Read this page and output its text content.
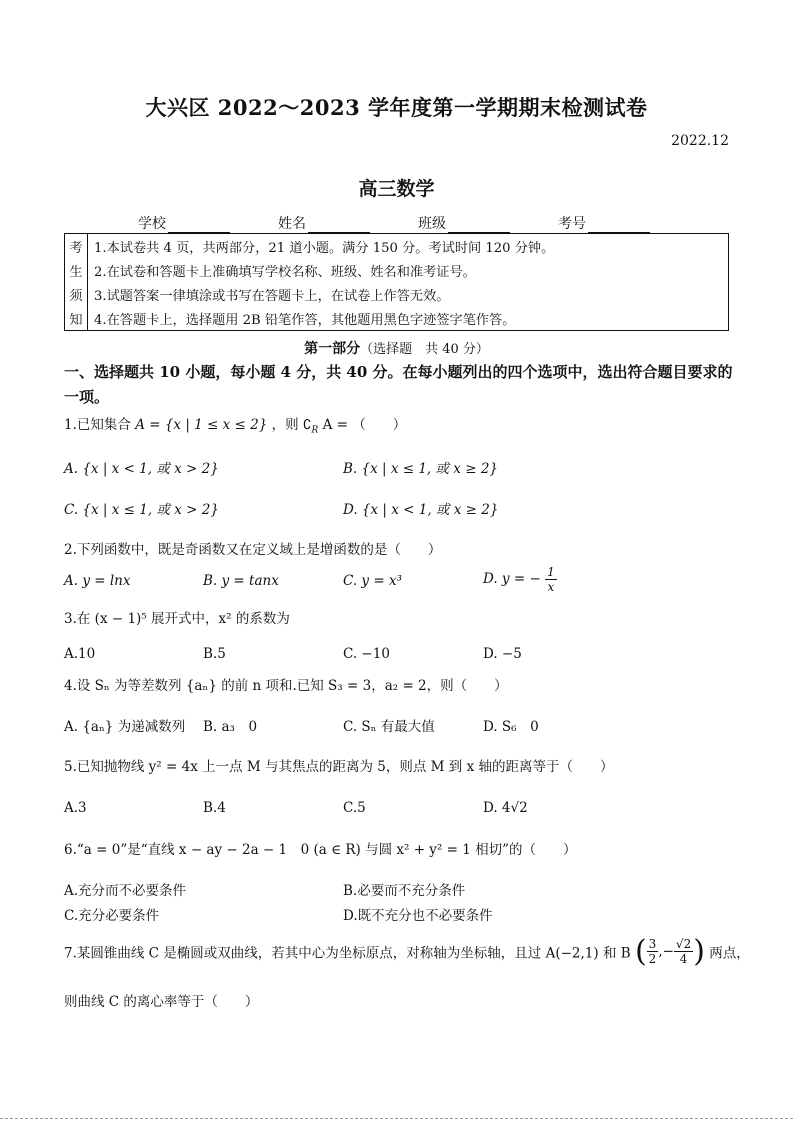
大兴区 2022～2023 学年度第一学期期末检测试卷
2022.12
高三数学
学校	姓名	班级	考号
考	1.本试卷共 4 页，共两部分，21 道小题。满分 150 分。考试时间 120 分钟。
生	2.在试卷和答题卡上准确填写学校名称、班级、姓名和准考证号。
须	3.试题答案一律填涂或书写在答题卡上，在试卷上作答无效。
知	4.在答题卡上，选择题用 2B 铅笔作答，其他题用黑色字迹签字笔作答。
第一部分（选择题　共 40 分）
一、选择题共 10 小题，每小题 4 分，共 40 分。在每小题列出的四个选项中，选出符合题目要求的一项。
1.已知集合 A = {x | 1 ≤ x ≤ 2} ，则 $∁_R$ A = （　　）
A. {x | x < 1, 或 x > 2}	B. {x | x ≤ 1, 或 x ≥ 2}
C. {x | x ≤ 1, 或 x > 2}	D. {x | x < 1, 或 x ≥ 2}
2.下列函数中，既是奇函数又在定义域上是增函数的是（　　）
A. y = lnx	B. y = tanx	C. y = x³	D. y = − $\frac{1}{x}$
3.在 (x − 1)⁵ 展开式中，x² 的系数为
A.10	B.5	C. −10	D. −5
4.设 Sₙ 为等差数列 {aₙ} 的前 n 项和.已知 S₃ = 3，a₂ = 2，则（　　）
A. {aₙ} 为递减数列 B. a₃　0	C. Sₙ 有最大值	D. S₆　0
5.已知抛物线 y² = 4x 上一点 M 与其焦点的距离为 5，则点 M 到 x 轴的距离等于（　　）
A.3	B.4	C.5	D. 4√2
6.“a = 0”是“直线 x − ay − 2a − 1　0 (a ∈ R) 与圆 x² + y² = 1 相切”的（　　）
A.充分而不必要条件	B.必要而不充分条件
C.充分必要条件	D.既不充分也不必要条件
7.某圆锥曲线 C 是椭圆或双曲线，若其中心为坐标原点，对称轴为坐标轴，且过 A(−2,1) 和 B ( $\frac{3}{2}$ ,− $\frac{√2}{4}$ ) 两点，
则曲线 C 的离心率等于（　　）
